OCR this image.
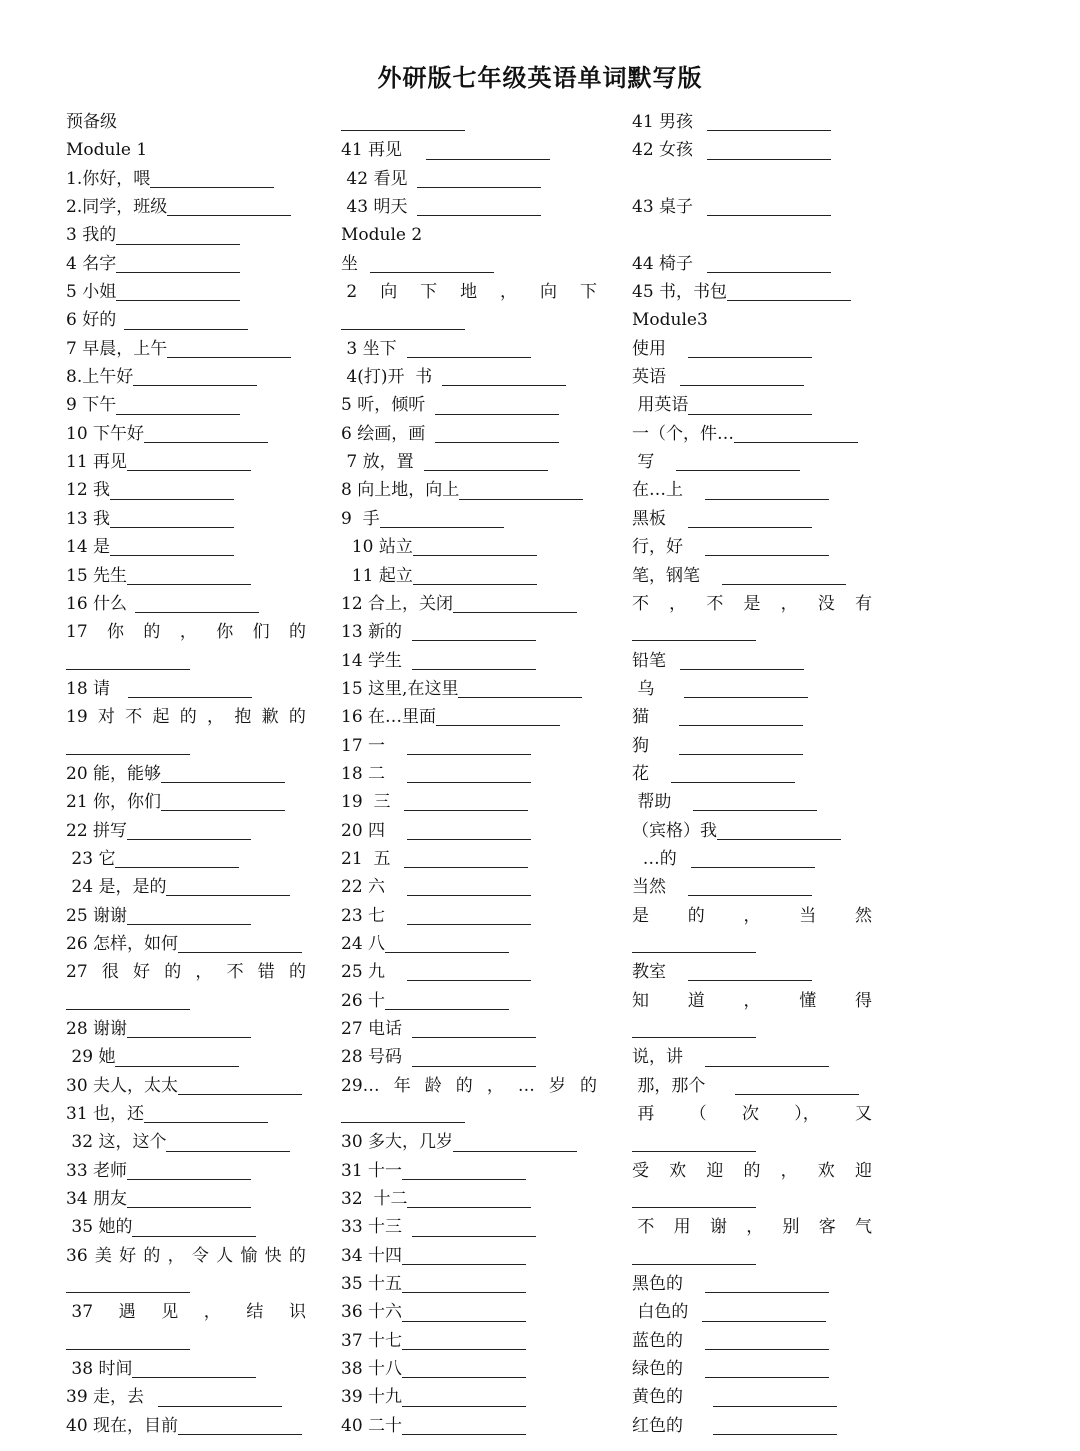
外研版七年级英语单词默写版
预备级
Module 1
1.你好，喂
2.同学，班级
3 我的
4 名字
5 小姐
6 好的
7 早晨，上午
8.上午好
9 下午
10 下午好
11 再见
12 我
13 我
14 是
15 先生
16 什么
17 你 的 ， 你 们 的
18 请
19 对 不 起 的 ， 抱 歉 的
20 能，能够
21 你，你们
22 拼写
23 它
24 是，是的
25 谢谢
26 怎样，如何
27 很 好 的 ， 不 错 的
28 谢谢
29 她
30 夫人，太太
31 也，还
32 这，这个
33 老师
34 朋友
35 她的
36 美 好 的 ， 令 人 愉 快 的
37 遇 见 ， 结 识
38 时间
39 走，去
40 现在，目前
41 再见
42 看见
43 明天
Module 2
坐
2 向 下 地 ， 向 下
3 坐下
4(打)开  书
5 听，倾听
6 绘画，画
7 放，置
8 向上地，向上
9  手
10 站立
11 起立
12 合上，关闭
13 新的
14 学生
15 这里,在这里
16 在…里面
17 一
18 二
19  三
20 四
21  五
22 六
23 七
24 八
25 九
26 十
27 电话
28 号码
29… 年 龄 的 ， … 岁 的
30 多大，几岁
31 十一
32  十二
33 十三
34 十四
35 十五
36 十六
37 十七
38 十八
39 十九
40 二十
41 男孩
42 女孩
43 桌子
44 椅子
45 书，书包
Module3
使用
英语
用英语
一（个，件…
写
在…上
黑板
行，好
笔，钢笔
不 ， 不 是 ， 没 有
铅笔
乌
猫
狗
花
帮助
（宾格）我
…的
当然
是 的 ， 当 然
教室
知 道 ， 懂 得
说，讲
那，那个
再 （ 次 ）， 又
受 欢 迎 的 ， 欢 迎
不 用 谢 ， 别 客 气
黑色的
白色的
蓝色的
绿色的
黄色的
红色的
